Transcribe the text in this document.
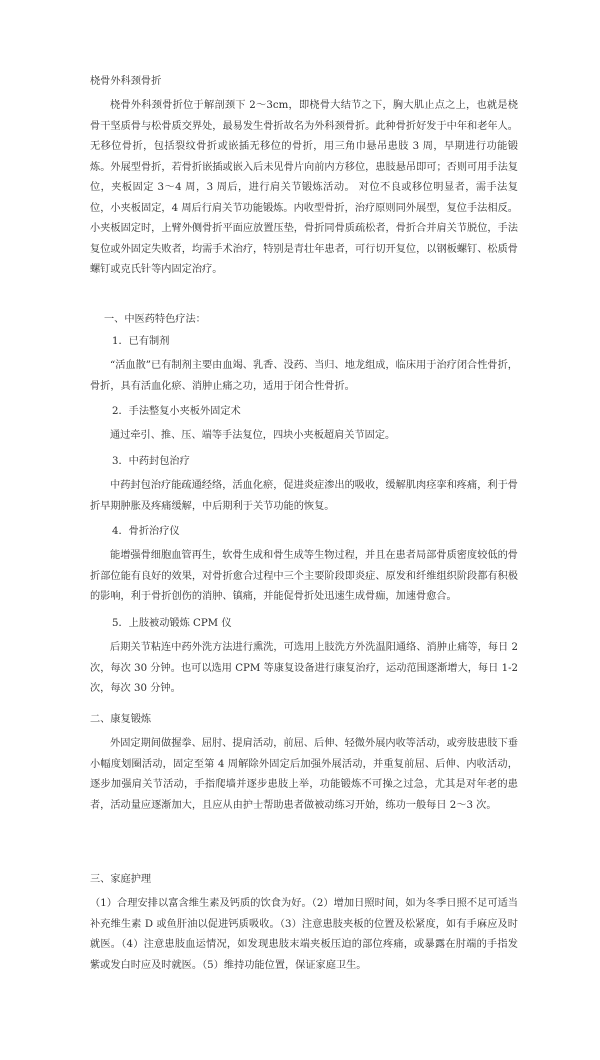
桡骨外科颈骨折

桡骨外科颈骨折位于解剖颈下 2～3cm，即桡骨大结节之下，胸大肌止点之上，也就是桡骨干坚质骨与松骨质交界处，最易发生骨折故名为外科颈骨折。此种骨折好发于中年和老年人。无移位骨折，包括裂纹骨折或嵌插无移位的骨折，用三角巾悬吊患肢 3 周，早期进行功能锻炼。外展型骨折，若骨折嵌插或嵌入后未见骨片向前内方移位，患肢悬吊即可；否则可用手法复位，夹板固定 3～4 周，3 周后，进行肩关节锻炼活动。 对位不良或移位明显者，需手法复位，小夹板固定，4 周后行肩关节功能锻炼。内收型骨折，治疗原则同外展型，复位手法相反。小夹板固定时，上臂外侧骨折平面应放置压垫，骨折同骨质疏松者，骨折合并肩关节脱位，手法复位或外固定失败者，均需手术治疗，特别是青壮年患者，可行切开复位，以钢板螺钉、松质骨螺钉或克氏针等内固定治疗。

一、中医药特色疗法：

1．已有制剂

“活血散”已有制剂主要由血竭、乳香、没药、当归、地龙组成，临床用于治疗闭合性骨折，骨折，具有活血化瘀、消肿止痛之功，适用于闭合性骨折。

2．手法整复小夹板外固定术

通过牵引、推、压、端等手法复位，四块小夹板超肩关节固定。

3．中药封包治疗

中药封包治疗能疏通经络，活血化瘀，促进炎症渗出的吸收，缓解肌肉痉挛和疼痛，利于骨折早期肿胀及疼痛缓解，中后期利于关节功能的恢复。

4．骨折治疗仪

能增强骨细胞血管再生，软骨生成和骨生成等生物过程，并且在患者局部骨质密度较低的骨折部位能有良好的效果，对骨折愈合过程中三个主要阶段即炎症、原发和纤维组织阶段都有积极的影响，利于骨折创伤的消肿、镇痛，并能促骨折处迅速生成骨痂，加速骨愈合。

5．上肢被动锻炼 CPM 仪

后期关节粘连中药外洗方法进行熏洗，可选用上肢洗方外洗温阳通络、消肿止痛等，每日 2 次，每次 30 分钟。也可以选用 CPM 等康复设备进行康复治疗，运动范围逐渐增大，每日 1-2 次，每次 30 分钟。

二、康复锻炼

外固定期间做握拳、屈肘、提肩活动，前屈、后伸、轻微外展内收等活动，或旁肢患肢下垂小幅度划圈活动，固定至第 4 周解除外固定后加强外展活动，并重复前屈、后伸、内收活动，逐步加强肩关节活动，手指爬墙并逐步患肢上举，功能锻炼不可操之过急，尤其是对年老的患者，活动量应逐渐加大，且应从由护士帮助患者做被动练习开始，练功一般每日 2～3 次。

三、家庭护理

（1）合理安排以富含维生素及钙质的饮食为好。（2）增加日照时间，如为冬季日照不足可适当补充维生素 D 或鱼肝油以促进钙质吸收。（3）注意患肢夹板的位置及松紧度，如有手麻应及时就医。（4）注意患肢血运情况，如发现患肢末端夹板压迫的部位疼痛，或暴露在肘端的手指发紫或发白时应及时就医。（5）维持功能位置，保证家庭卫生。
